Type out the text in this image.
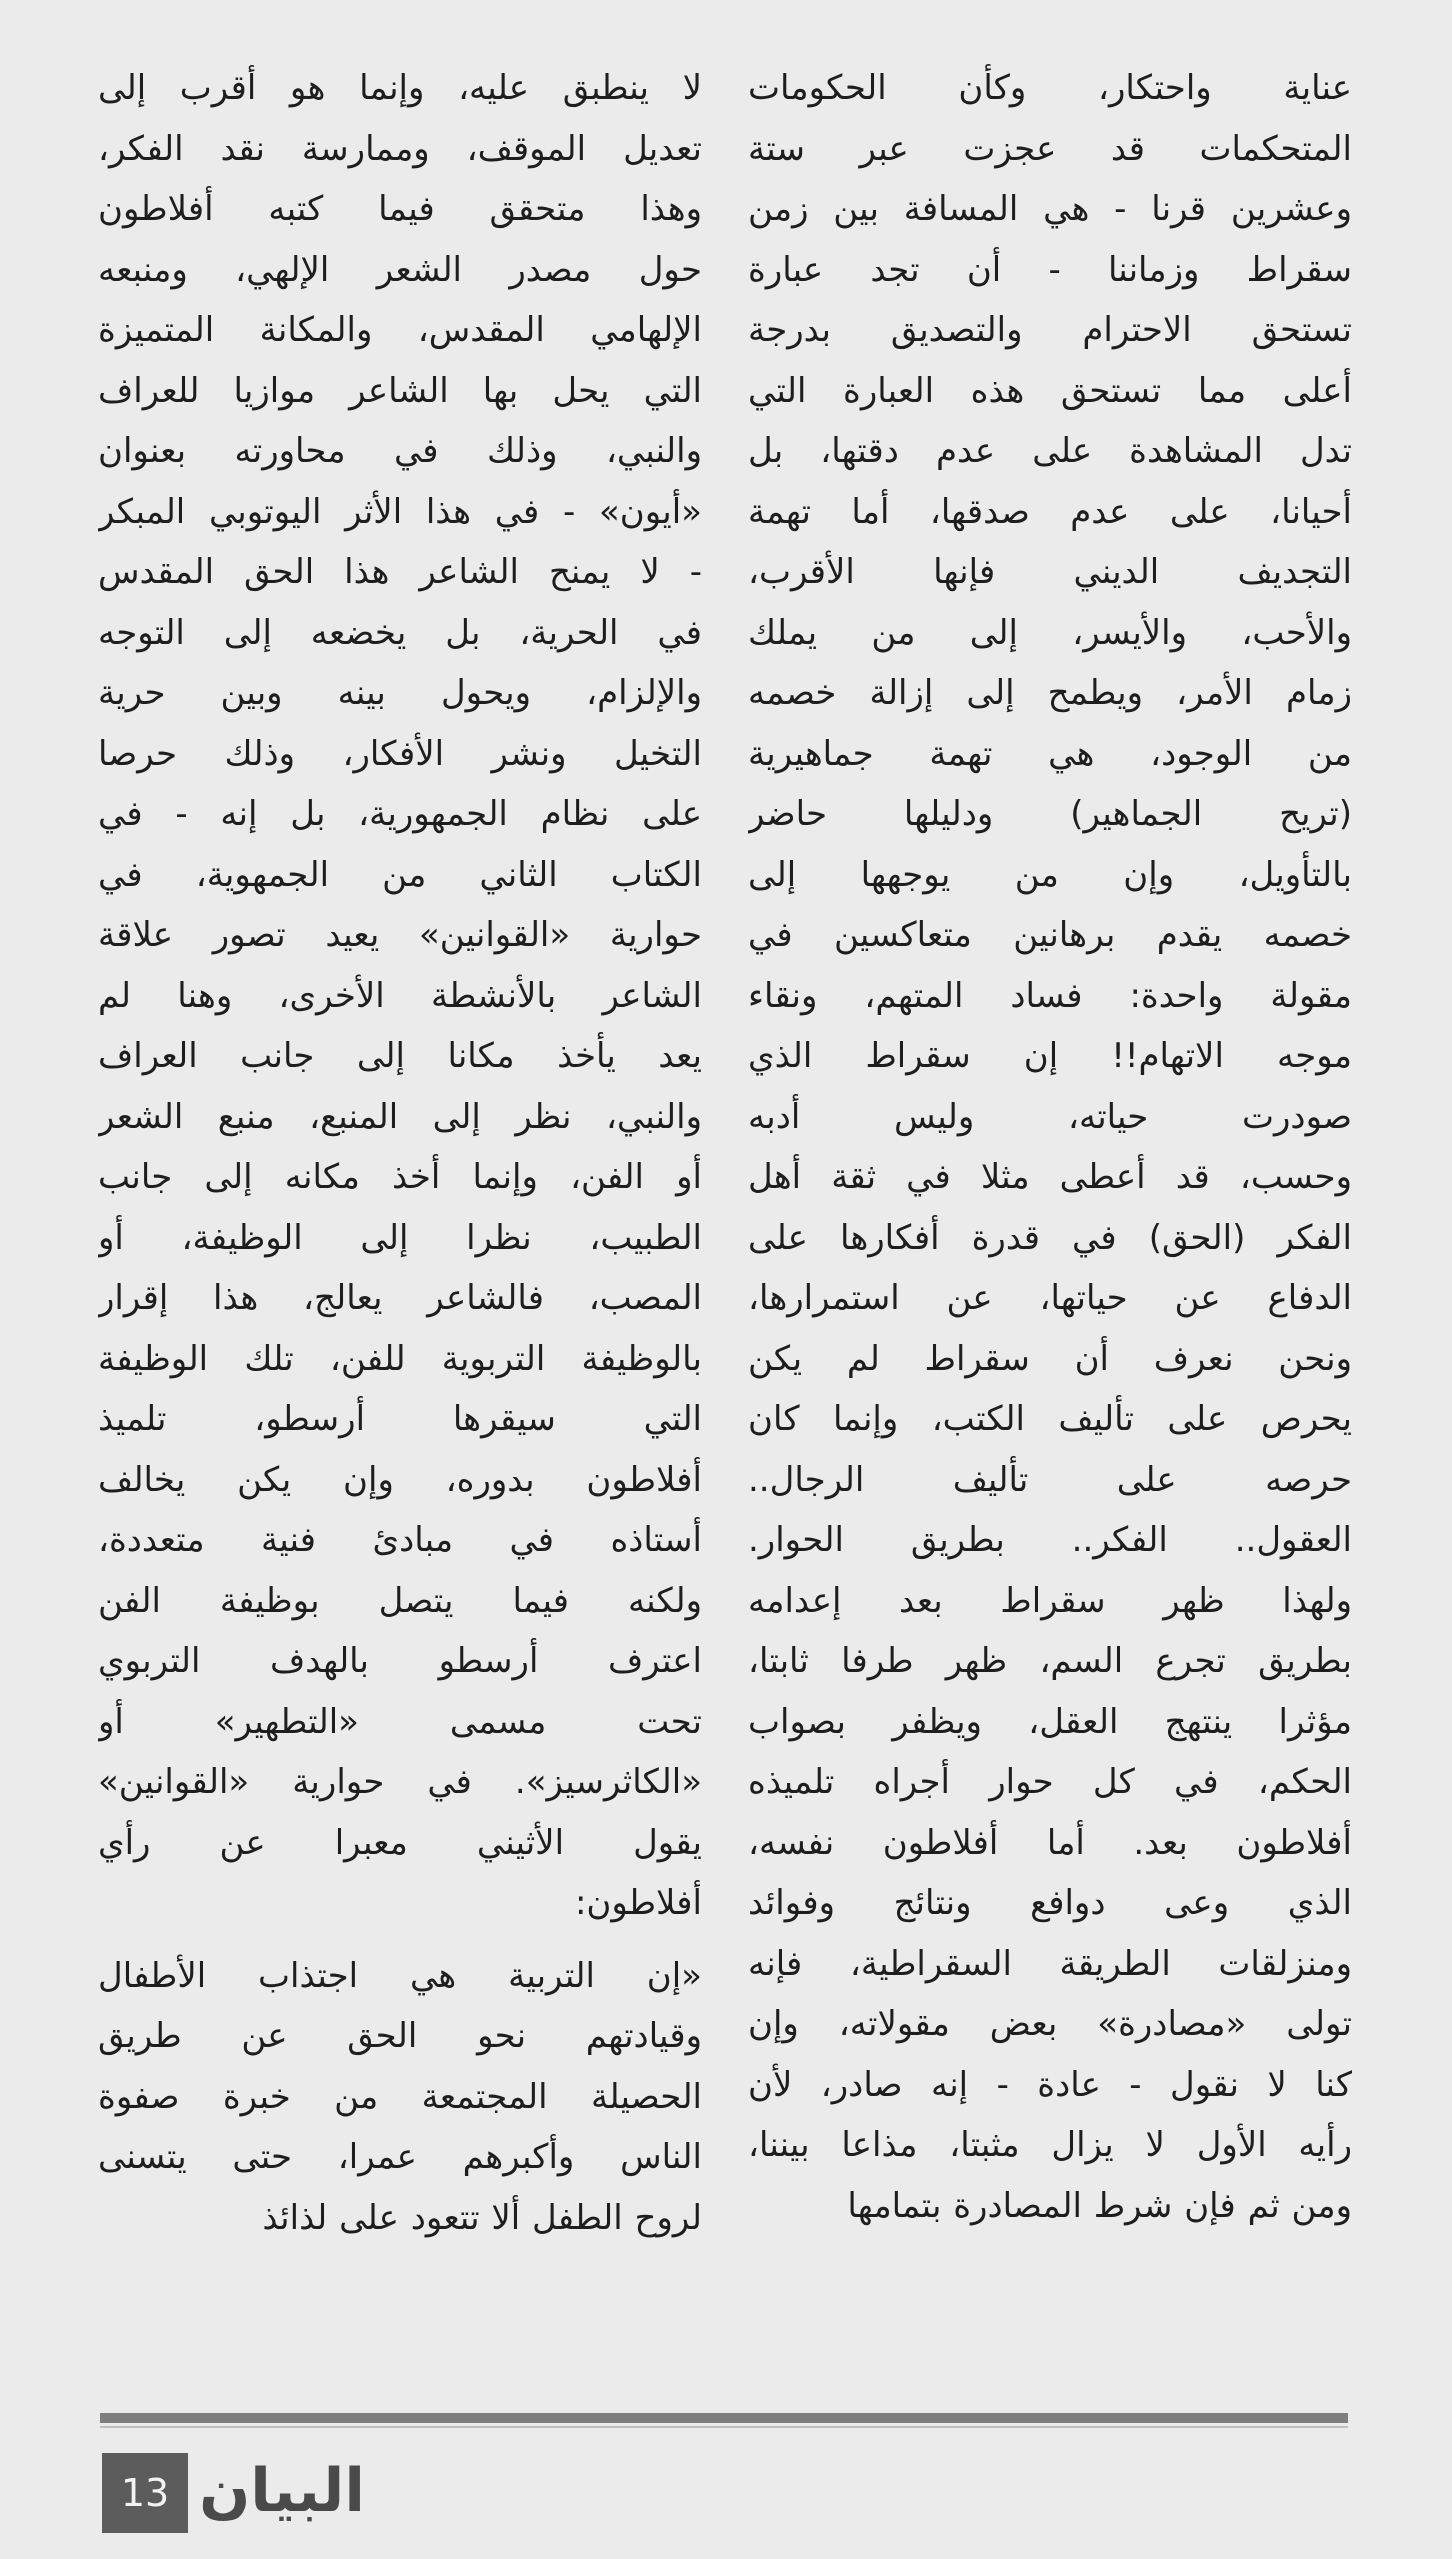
عناية واحتكار، وكأن الحكومات
المتحكمات قد عجزت عبر ستة
وعشرين قرنا - هي المسافة بين زمن
سقراط وزماننا - أن تجد عبارة
تستحق الاحترام والتصديق بدرجة
أعلى مما تستحق هذه العبارة التي
تدل المشاهدة على عدم دقتها، بل
أحيانا، على عدم صدقها، أما تهمة
التجديف الديني فإنها الأقرب،
والأحب، والأيسر، إلى من يملك
زمام الأمر، ويطمح إلى إزالة خصمه
من الوجود، هي تهمة جماهيرية
(تريح الجماهير) ودليلها حاضر
بالتأويل، وإن من يوجهها إلى
خصمه يقدم برهانين متعاكسين في
مقولة واحدة: فساد المتهم، ونقاء
موجه الاتهام!! إن سقراط الذي
صودرت حياته، وليس أدبه
وحسب، قد أعطى مثلا في ثقة أهل
الفكر (الحق) في قدرة أفكارها على
الدفاع عن حياتها، عن استمرارها،
ونحن نعرف أن سقراط لم يكن
يحرص على تأليف الكتب، وإنما كان
حرصه على تأليف الرجال..
العقول.. الفكر.. بطريق الحوار.
ولهذا ظهر سقراط بعد إعدامه
بطريق تجرع السم، ظهر طرفا ثابتا،
مؤثرا ينتهج العقل، ويظفر بصواب
الحكم، في كل حوار أجراه تلميذه
أفلاطون بعد. أما أفلاطون نفسه،
الذي وعى دوافع ونتائج وفوائد
ومنزلقات الطريقة السقراطية، فإنه
تولى «مصادرة» بعض مقولاته، وإن
كنا لا نقول - عادة - إنه صادر، لأن
رأيه الأول لا يزال مثبتا، مذاعا بيننا،
ومن ثم فإن شرط المصادرة بتمامها
لا ينطبق عليه، وإنما هو أقرب إلى
تعديل الموقف، وممارسة نقد الفكر،
وهذا متحقق فيما كتبه أفلاطون
حول مصدر الشعر الإلهي، ومنبعه
الإلهامي المقدس، والمكانة المتميزة
التي يحل بها الشاعر موازيا للعراف
والنبي، وذلك في محاورته بعنوان
«أيون» - في هذا الأثر اليوتوبي المبكر
- لا يمنح الشاعر هذا الحق المقدس
في الحرية، بل يخضعه إلى التوجه
والإلزام، ويحول بينه وبين حرية
التخيل ونشر الأفكار، وذلك حرصا
على نظام الجمهورية، بل إنه - في
الكتاب الثاني من الجمهوية، في
حوارية «القوانين» يعيد تصور علاقة
الشاعر بالأنشطة الأخرى، وهنا لم
يعد يأخذ مكانا إلى جانب العراف
والنبي، نظر إلى المنبع، منبع الشعر
أو الفن، وإنما أخذ مكانه إلى جانب
الطبيب، نظرا إلى الوظيفة، أو
المصب، فالشاعر يعالج، هذا إقرار
بالوظيفة التربوية للفن، تلك الوظيفة
التي سيقرها أرسطو، تلميذ
أفلاطون بدوره، وإن يكن يخالف
أستاذه في مبادئ فنية متعددة،
ولكنه فيما يتصل بوظيفة الفن
اعترف أرسطو بالهدف التربوي
تحت مسمى «التطهير» أو
«الكاثرسيز». في حوارية «القوانين»
يقول الأثيني معبرا عن رأي
أفلاطون:
«إن التربية هي اجتذاب الأطفال
وقيادتهم نحو الحق عن طريق
الحصيلة المجتمعة من خبرة صفوة
الناس وأكبرهم عمرا، حتى يتسنى
لروح الطفل ألا تتعود على لذائذ
13 البيان
